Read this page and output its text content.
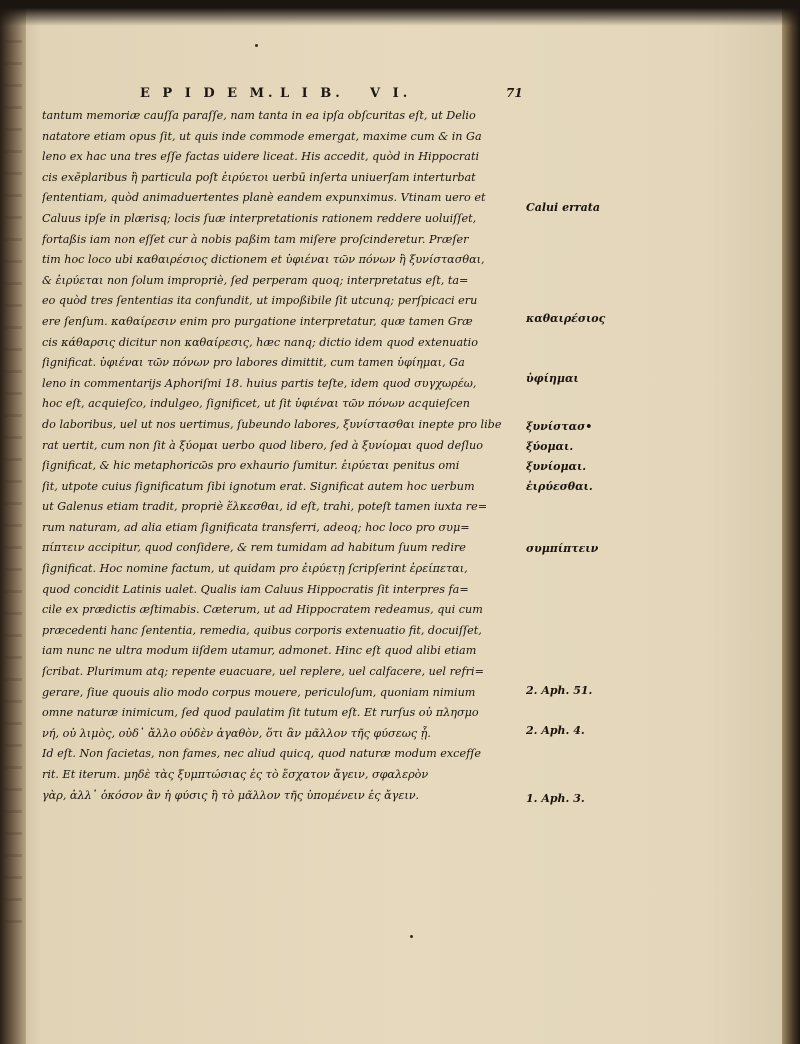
E P I D E M. L I B. V I.	71
tantum memoriæ cauſſa paraſſe, nam tanta in ea ipſa obſcuritas eſt, ut Delio
natatore etiam opus ſit, ut quis inde commode emergat, maxime cum & in Ga
leno ex hac una tres eſſe factas uidere liceat. His accedit, quòd in Hippocrati
cis exēplaribus ἢ particula poſt ἐιρύετοι uerbū inſerta uniuerſam interturbat
ſententiam, quòd animaduertentes planè eandem expunximus. Vtinam uero et
Caluus ipſe in plærisq; locis ſuæ interpretationis rationem reddere uoluiſſet,
fortaßis iam non eſſet cur à nobis paßim tam miſere proſcinderetur. Præſer
tim hoc loco ubi καθαιρέσιος dictionem et ὑφιέναι τῶν πόνων ἢ ξυνίστασθαι,
& ἐιρύεται non ſolum impropriè, ſed perperam quoq; interpretatus eſt, ta=
eo quòd tres ſententias ita confundit, ut impoßibile ſit utcunq; perſpicaci eru
ere ſenſum. καθαίρεσιν enim pro purgatione interpretatur, quæ tamen Græ
cis κάθαρσις dicitur non καθαίρεσις, hæc nanq; dictio idem quod extenuatio
ſignificat. ὑφιέναι τῶν πόνων pro labores dimittit, cum tamen ὑφίημαι, Ga
leno in commentarijs Aphoriſmi 18. huius partis teſte, idem quod συγχωρέω,
hoc eſt, acquieſco, indulgeo, ſignificet, ut ſit ὑφιέναι τῶν πόνων acquieſcen
do laboribus, uel ut nos uertimus, ſubeundo labores, ξυνίστασθαι inepte pro libe
rat uertit, cum non ſit à ξύομαι uerbo quod libero, ſed à ξυνίομαι quod deſluo
ſignificat, & hic metaphoricῶs pro exhaurio ſumitur. ἐιρύεται penitus omi
ſit, utpote cuius ſignificatum ſibi ignotum erat. Significat autem hoc uerbum
ut Galenus etiam tradit, propriè ἕλκεσθαι, id eſt, trahi, poteſt tamen iuxta re=
rum naturam, ad alia etiam ſignificata transferri, adeoq; hoc loco pro συμ=
πίπτειν accipitur, quod conſidere, & rem tumidam ad habitum ſuum redire
ſignificat. Hoc nomine factum, ut quidam pro ἐιρύετῃ ſcripſerint ἐρείπεται,
quod concidit Latinis ualet. Qualis iam Caluus Hippocratis ſit interpres fa=
cile ex prædictis æſtimabis. Cæterum, ut ad Hippocratem redeamus, qui cum
præcedenti hanc ſententia, remedia, quibus corporis extenuatio fit, docuiſſet,
iam nunc ne ultra modum iiſdem utamur, admonet. Hinc eſt quod alibi etiam
ſcribat. Plurimum atq; repente euacuare, uel replere, uel calfacere, uel refri=
gerare, ſiue quouis alio modo corpus mouere, periculoſum, quoniam nimium
omne naturæ inimicum, ſed quod paulatim ſit tutum eſt. Et rurſus οὐ πλησμο
νή, οὐ λιμὸς, οὐδ᾽ ἄλλο οὐδὲν ἀγαθὸν, ὅτι ἂν μᾶλλον τῆς φύσεως ᾖ.
Id eſt. Non ſacietas, non fames, nec aliud quicq, quod naturæ modum excefſe
rit. Et iterum. μηδὲ τὰς ξυμπτώσιας ἐς τὸ ἔσχατον ἄγειν, σφαλερὸν
γὰρ, ἀλλ᾽ ὁκόσον ἂν ἡ φύσις ἢ τὸ μᾶλλον τῆς ὑπομένειν ἐς ἄγειν.
Calui errata
καθαιρέσιος
ὑφίημαι
ξυνίστασ•
ξύομαι.
ξυνίομαι.
ἐιρύεσθαι.
συμπίπτειν
2. Aph. 51.
2. Aph. 4.
1. Aph. 3.
